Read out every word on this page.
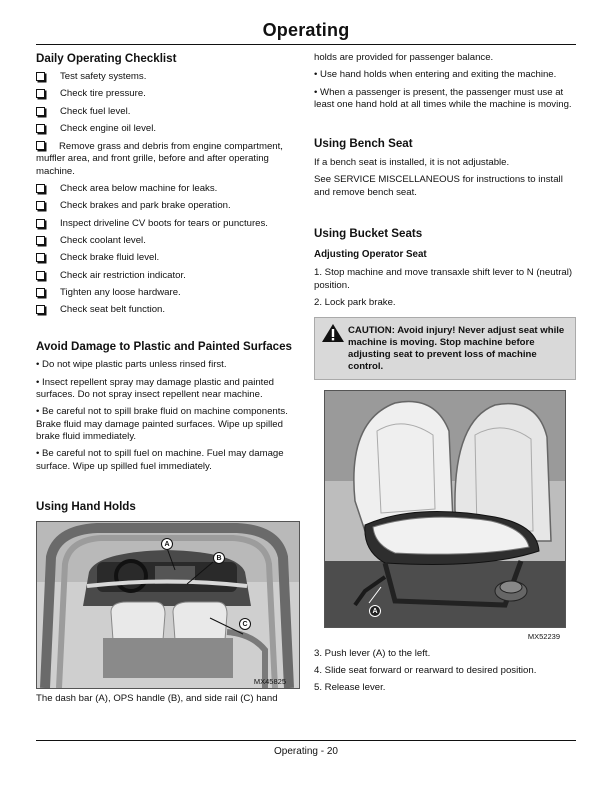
Operating
Daily Operating Checklist
Test safety systems.
Check tire pressure.
Check fuel level.
Check engine oil level.
Remove grass and debris from engine compartment, muffler area, and front grille, before and after operating machine.
Check area below machine for leaks.
Check brakes and park brake operation.
Inspect driveline CV boots for tears or punctures.
Check coolant level.
Check brake fluid level.
Check air restriction indicator.
Tighten any loose hardware.
Check seat belt function.
Avoid Damage to Plastic and Painted Surfaces

• Do not wipe plastic parts unless rinsed first.

• Insect repellent spray may damage plastic and painted surfaces. Do not spray insect repellent near machine.

• Be careful not to spill brake fluid on machine components. Brake fluid may damage painted surfaces. Wipe up spilled brake fluid immediately.

• Be careful not to spill fuel on machine. Fuel may damage surface. Wipe up spilled fuel immediately.

Using Hand Holds
A
B
C
MX45825

The dash bar (A), OPS handle (B), and side rail (C) hand

holds are provided for passenger balance.

• Use hand holds when entering and exiting the machine.

• When a passenger is present, the passenger must use at least one hand hold at all times while the machine is moving.

Using Bench Seat

If a bench seat is installed, it is not adjustable.

See SERVICE MISCELLANEOUS for instructions to install and remove bench seat.

Using Bucket Seats
Adjusting Operator Seat

1. Stop machine and move transaxle shift lever to N (neutral) position.

2. Lock park brake.

CAUTION: Avoid injury! Never adjust seat while machine is moving. Stop machine before adjusting seat to prevent loss of machine control.
A
MX52239

3. Push lever (A) to the left.

4. Slide seat forward or rearward to desired position.

5. Release lever.

Operating - 20
